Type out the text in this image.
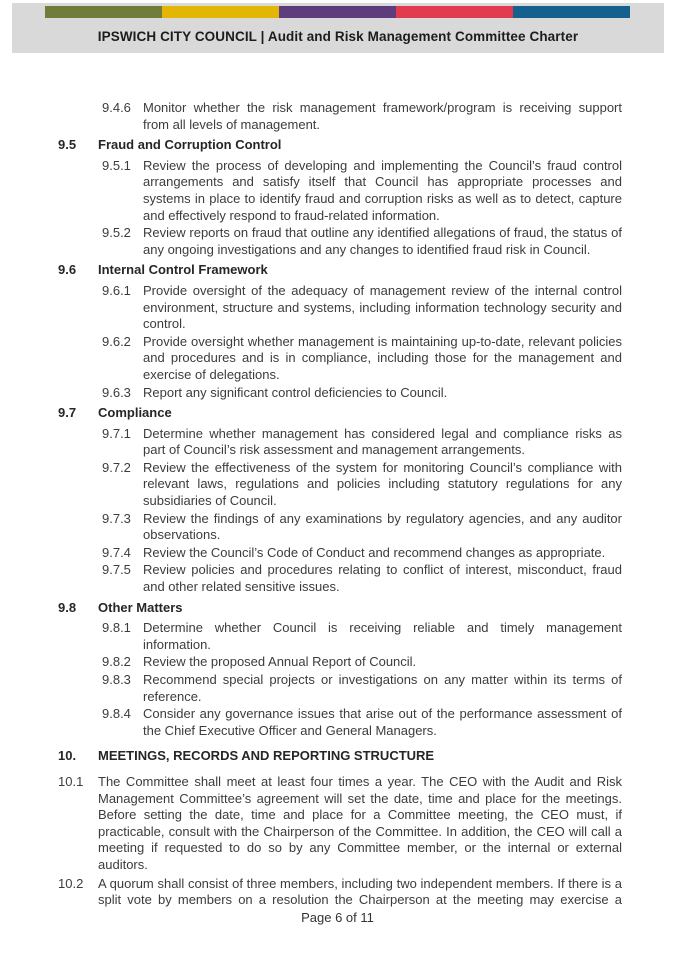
IPSWICH CITY COUNCIL | Audit and Risk Management Committee Charter
9.4.6 Monitor whether the risk management framework/program is receiving support from all levels of management.
9.5 Fraud and Corruption Control
9.5.1 Review the process of developing and implementing the Council’s fraud control arrangements and satisfy itself that Council has appropriate processes and systems in place to identify fraud and corruption risks as well as to detect, capture and effectively respond to fraud-related information.
9.5.2 Review reports on fraud that outline any identified allegations of fraud, the status of any ongoing investigations and any changes to identified fraud risk in Council.
9.6 Internal Control Framework
9.6.1 Provide oversight of the adequacy of management review of the internal control environment, structure and systems, including information technology security and control.
9.6.2 Provide oversight whether management is maintaining up-to-date, relevant policies and procedures and is in compliance, including those for the management and exercise of delegations.
9.6.3 Report any significant control deficiencies to Council.
9.7 Compliance
9.7.1 Determine whether management has considered legal and compliance risks as part of Council’s risk assessment and management arrangements.
9.7.2 Review the effectiveness of the system for monitoring Council’s compliance with relevant laws, regulations and policies including statutory regulations for any subsidiaries of Council.
9.7.3 Review the findings of any examinations by regulatory agencies, and any auditor observations.
9.7.4 Review the Council’s Code of Conduct and recommend changes as appropriate.
9.7.5 Review policies and procedures relating to conflict of interest, misconduct, fraud and other related sensitive issues.
9.8 Other Matters
9.8.1 Determine whether Council is receiving reliable and timely management information.
9.8.2 Review the proposed Annual Report of Council.
9.8.3 Recommend special projects or investigations on any matter within its terms of reference.
9.8.4 Consider any governance issues that arise out of the performance assessment of the Chief Executive Officer and General Managers.
10. MEETINGS, RECORDS AND REPORTING STRUCTURE
10.1 The Committee shall meet at least four times a year. The CEO with the Audit and Risk Management Committee’s agreement will set the date, time and place for the meetings. Before setting the date, time and place for a Committee meeting, the CEO must, if practicable, consult with the Chairperson of the Committee. In addition, the CEO will call a meeting if requested to do so by any Committee member, or the internal or external auditors.
10.2 A quorum shall consist of three members, including two independent members. If there is a split vote by members on a resolution the Chairperson at the meeting may exercise a
Page 6 of 11
